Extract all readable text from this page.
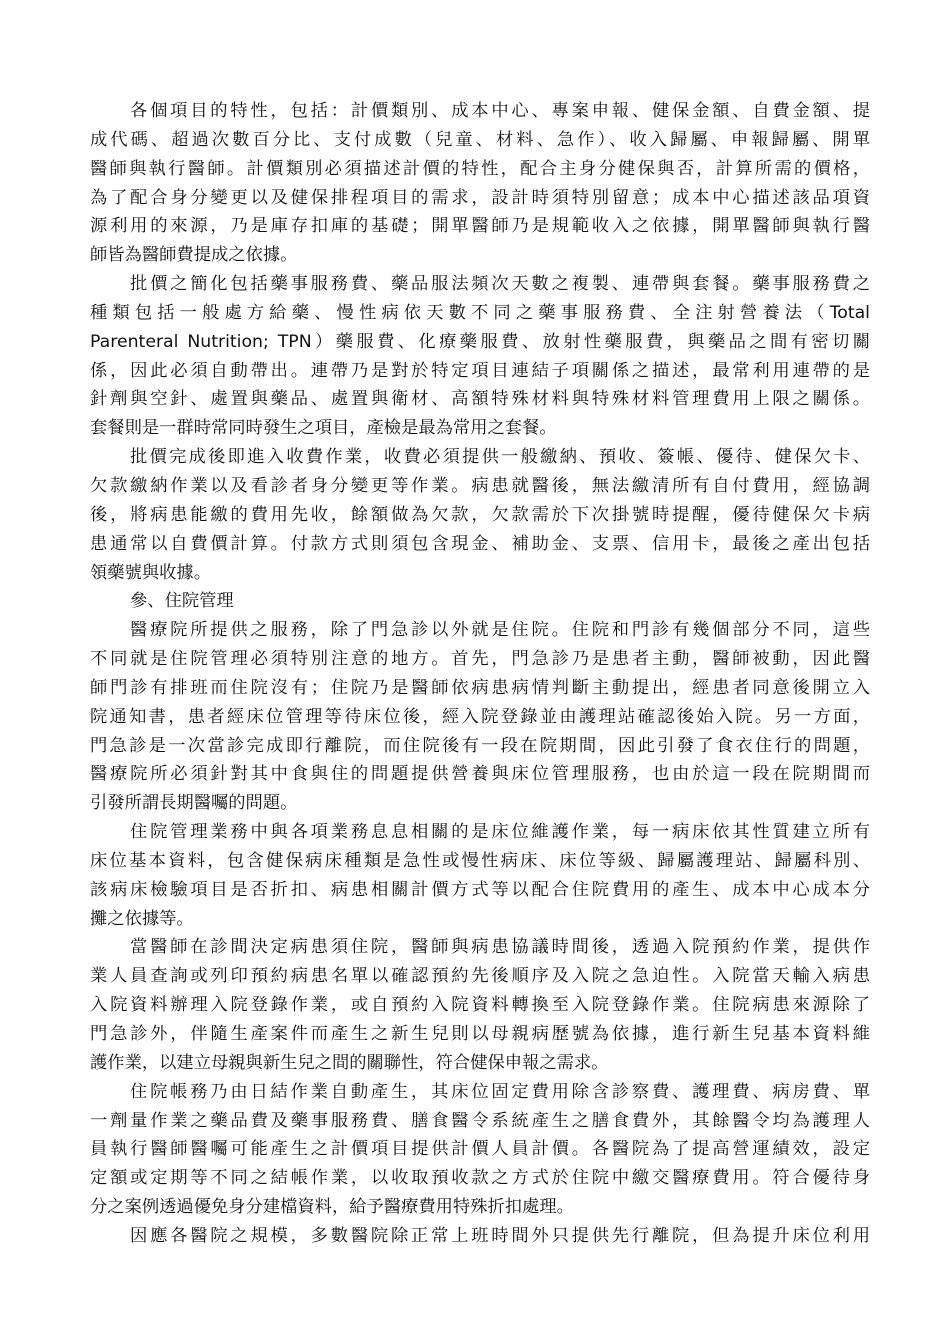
各個項目的特性，包括：計價類別、成本中心、專案申報、健保金額、自費金額、提
成代碼、超過次數百分比、支付成數（兒童、材料、急作）、收入歸屬、申報歸屬、開單
醫師與執行醫師。計價類別必須描述計價的特性，配合主身分健保與否，計算所需的價格，
為了配合身分變更以及健保排程項目的需求，設計時須特別留意；成本中心描述該品項資
源利用的來源，乃是庫存扣庫的基礎；開單醫師乃是規範收入之依據，開單醫師與執行醫
師皆為醫師費提成之依據。
批價之簡化包括藥事服務費、藥品服法頻次天數之複製、連帶與套餐。藥事服務費之
種類包括一般處方給藥、慢性病依天數不同之藥事服務費、全注射營養法（Total
Parenteral Nutrition; TPN）藥服費、化療藥服費、放射性藥服費，與藥品之間有密切關
係，因此必須自動帶出。連帶乃是對於特定項目連結子項關係之描述，最常利用連帶的是
針劑與空針、處置與藥品、處置與衛材、高額特殊材料與特殊材料管理費用上限之關係。
套餐則是一群時常同時發生之項目，產檢是最為常用之套餐。
批價完成後即進入收費作業，收費必須提供一般繳納、預收、簽帳、優待、健保欠卡、
欠款繳納作業以及看診者身分變更等作業。病患就醫後，無法繳清所有自付費用，經協調
後，將病患能繳的費用先收，餘額做為欠款，欠款需於下次掛號時提醒，優待健保欠卡病
患通常以自費價計算。付款方式則須包含現金、補助金、支票、信用卡，最後之產出包括
領藥號與收據。
參、住院管理
醫療院所提供之服務，除了門急診以外就是住院。住院和門診有幾個部分不同，這些
不同就是住院管理必須特別注意的地方。首先，門急診乃是患者主動，醫師被動，因此醫
師門診有排班而住院沒有；住院乃是醫師依病患病情判斷主動提出，經患者同意後開立入
院通知書，患者經床位管理等待床位後，經入院登錄並由護理站確認後始入院。另一方面，
門急診是一次當診完成即行離院，而住院後有一段在院期間，因此引發了食衣住行的問題，
醫療院所必須針對其中食與住的問題提供營養與床位管理服務，也由於這一段在院期間而
引發所謂長期醫囑的問題。
住院管理業務中與各項業務息息相關的是床位維護作業，每一病床依其性質建立所有
床位基本資料，包含健保病床種類是急性或慢性病床、床位等級、歸屬護理站、歸屬科別、
該病床檢驗項目是否折扣、病患相關計價方式等以配合住院費用的產生、成本中心成本分
攤之依據等。
當醫師在診間決定病患須住院，醫師與病患協議時間後，透過入院預約作業，提供作
業人員查詢或列印預約病患名單以確認預約先後順序及入院之急迫性。入院當天輸入病患
入院資料辦理入院登錄作業，或自預約入院資料轉換至入院登錄作業。住院病患來源除了
門急診外，伴隨生產案件而產生之新生兒則以母親病歷號為依據，進行新生兒基本資料維
護作業，以建立母親與新生兒之間的關聯性，符合健保申報之需求。
住院帳務乃由日結作業自動產生，其床位固定費用除含診察費、護理費、病房費、單
一劑量作業之藥品費及藥事服務費、膳食醫令系統產生之膳食費外，其餘醫令均為護理人
員執行醫師醫囑可能產生之計價項目提供計價人員計價。各醫院為了提高營運績效，設定
定額或定期等不同之結帳作業，以收取預收款之方式於住院中繳交醫療費用。符合優待身
分之案例透過優免身分建檔資料，給予醫療費用特殊折扣處理。
因應各醫院之規模，多數醫院除正常上班時間外只提供先行離院，但為提升床位利用
